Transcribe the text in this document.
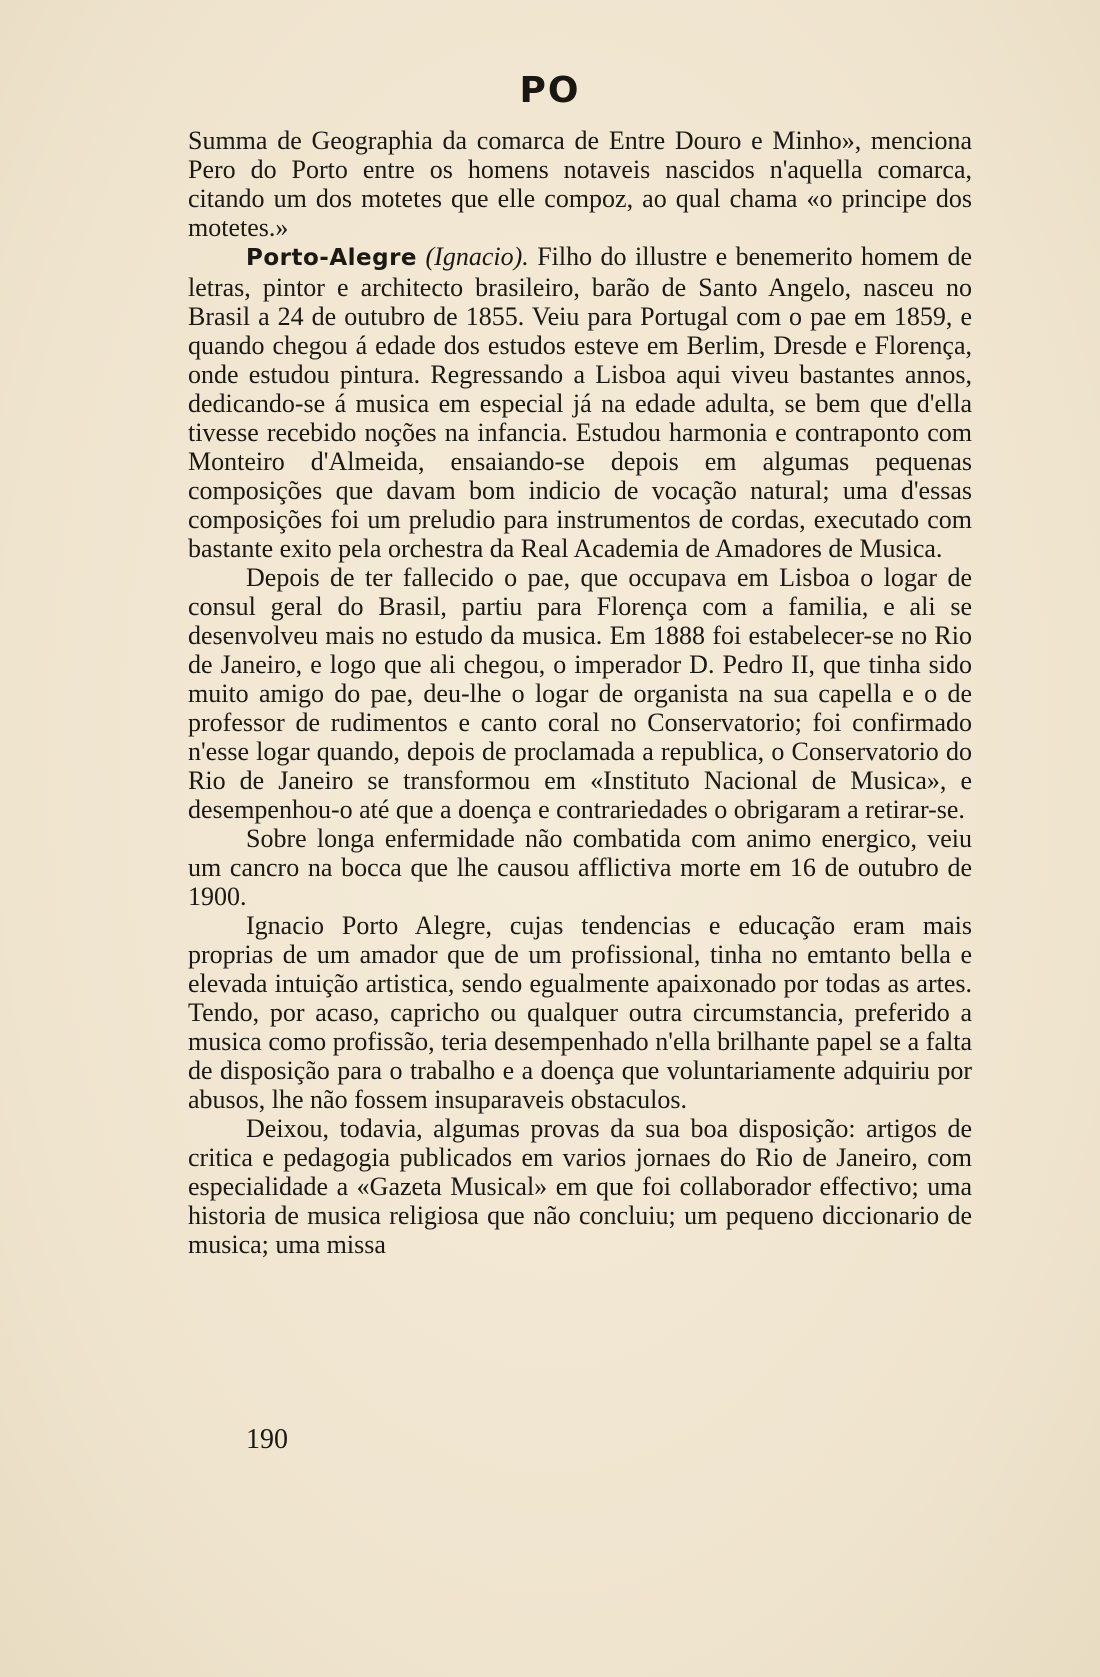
PO

Summa de Geographia da comarca de Entre Douro e Minho», menciona Pero do Porto entre os homens notaveis nascidos n'aquella comarca, citando um dos motetes que elle compoz, ao qual chama «o principe dos motetes.»

Porto-Alegre (Ignacio). Filho do illustre e benemerito homem de letras, pintor e architecto brasileiro, barão de Santo Angelo, nasceu no Brasil a 24 de outubro de 1855. Veiu para Portugal com o pae em 1859, e quando chegou á edade dos estudos esteve em Berlim, Dresde e Florença, onde estudou pintura. Regressando a Lisboa aqui viveu bastantes annos, dedicando-se á musica em especial já na edade adulta, se bem que d'ella tivesse recebido noções na infancia. Estudou harmonia e contraponto com Monteiro d'Almeida, ensaiando-se depois em algumas pequenas composições que davam bom indicio de vocação natural; uma d'essas composições foi um preludio para instrumentos de cordas, executado com bastante exito pela orchestra da Real Academia de Amadores de Musica.

Depois de ter fallecido o pae, que occupava em Lisboa o logar de consul geral do Brasil, partiu para Florença com a familia, e ali se desenvolveu mais no estudo da musica. Em 1888 foi estabelecer-se no Rio de Janeiro, e logo que ali chegou, o imperador D. Pedro II, que tinha sido muito amigo do pae, deu-lhe o logar de organista na sua capella e o de professor de rudimentos e canto coral no Conservatorio; foi confirmado n'esse logar quando, depois de proclamada a republica, o Conservatorio do Rio de Janeiro se transformou em «Instituto Nacional de Musica», e desempenhou-o até que a doença e contrariedades o obrigaram a retirar-se.

Sobre longa enfermidade não combatida com animo energico, veiu um cancro na bocca que lhe causou afflictiva morte em 16 de outubro de 1900.

Ignacio Porto Alegre, cujas tendencias e educação eram mais proprias de um amador que de um profissional, tinha no emtanto bella e elevada intuição artistica, sendo egualmente apaixonado por todas as artes. Tendo, por acaso, capricho ou qualquer outra circumstancia, preferido a musica como profissão, teria desempenhado n'ella brilhante papel se a falta de disposição para o trabalho e a doença que voluntariamente adquiriu por abusos, lhe não fossem insuparaveis obstaculos.

Deixou, todavia, algumas provas da sua boa disposição: artigos de critica e pedagogia publicados em varios jornaes do Rio de Janeiro, com especialidade a «Gazeta Musical» em que foi collaborador effectivo; uma historia de musica religiosa que não concluiu; um pequeno diccionario de musica; uma missa

190
